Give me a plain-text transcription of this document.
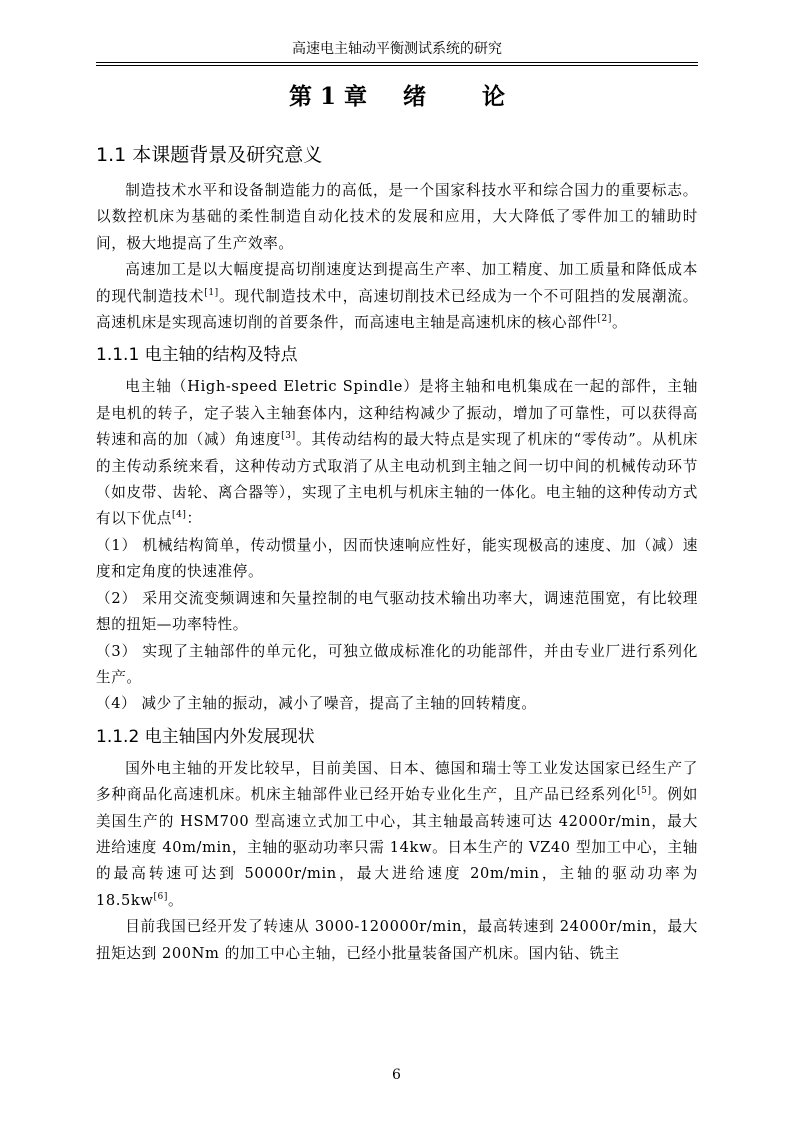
高速电主轴动平衡测试系统的研究
第 1 章 绪 论
1.1 本课题背景及研究意义

制造技术水平和设备制造能力的高低，是一个国家科技水平和综合国力的重要标志。以数控机床为基础的柔性制造自动化技术的发展和应用，大大降低了零件加工的辅助时间，极大地提高了生产效率。

高速加工是以大幅度提高切削速度达到提高生产率、加工精度、加工质量和降低成本的现代制造技术[1]。现代制造技术中，高速切削技术已经成为一个不可阻挡的发展潮流。高速机床是实现高速切削的首要条件，而高速电主轴是高速机床的核心部件[2]。

1.1.1 电主轴的结构及特点

电主轴（High-speed Eletric Spindle）是将主轴和电机集成在一起的部件，主轴是电机的转子，定子装入主轴套体内，这种结构减少了振动，增加了可靠性，可以获得高转速和高的加（减）角速度[3]。其传动结构的最大特点是实现了机床的“零传动”。从机床的主传动系统来看，这种传动方式取消了从主电动机到主轴之间一切中间的机械传动环节（如皮带、齿轮、离合器等），实现了主电机与机床主轴的一体化。电主轴的这种传动方式有以下优点[4]：

（1） 机械结构简单，传动惯量小，因而快速响应性好，能实现极高的速度、加（减）速度和定角度的快速准停。

（2） 采用交流变频调速和矢量控制的电气驱动技术输出功率大，调速范围宽，有比较理想的扭矩—功率特性。

（3） 实现了主轴部件的单元化，可独立做成标准化的功能部件，并由专业厂进行系列化生产。

（4） 减少了主轴的振动，减小了噪音，提高了主轴的回转精度。

1.1.2 电主轴国内外发展现状

国外电主轴的开发比较早，目前美国、日本、德国和瑞士等工业发达国家已经生产了多种商品化高速机床。机床主轴部件业已经开始专业化生产，且产品已经系列化[5]。例如美国生产的 HSM700 型高速立式加工中心，其主轴最高转速可达 42000r/min，最大进给速度 40m/min，主轴的驱动功率只需 14kw。日本生产的 VZ40 型加工中心，主轴的最高转速可达到 50000r/min，最大进给速度 20m/min，主轴的驱动功率为 18.5kw[6]。

目前我国已经开发了转速从 3000-120000r/min，最高转速到 24000r/min，最大扭矩达到 200Nm 的加工中心主轴，已经小批量装备国产机床。国内钻、铣主

6
